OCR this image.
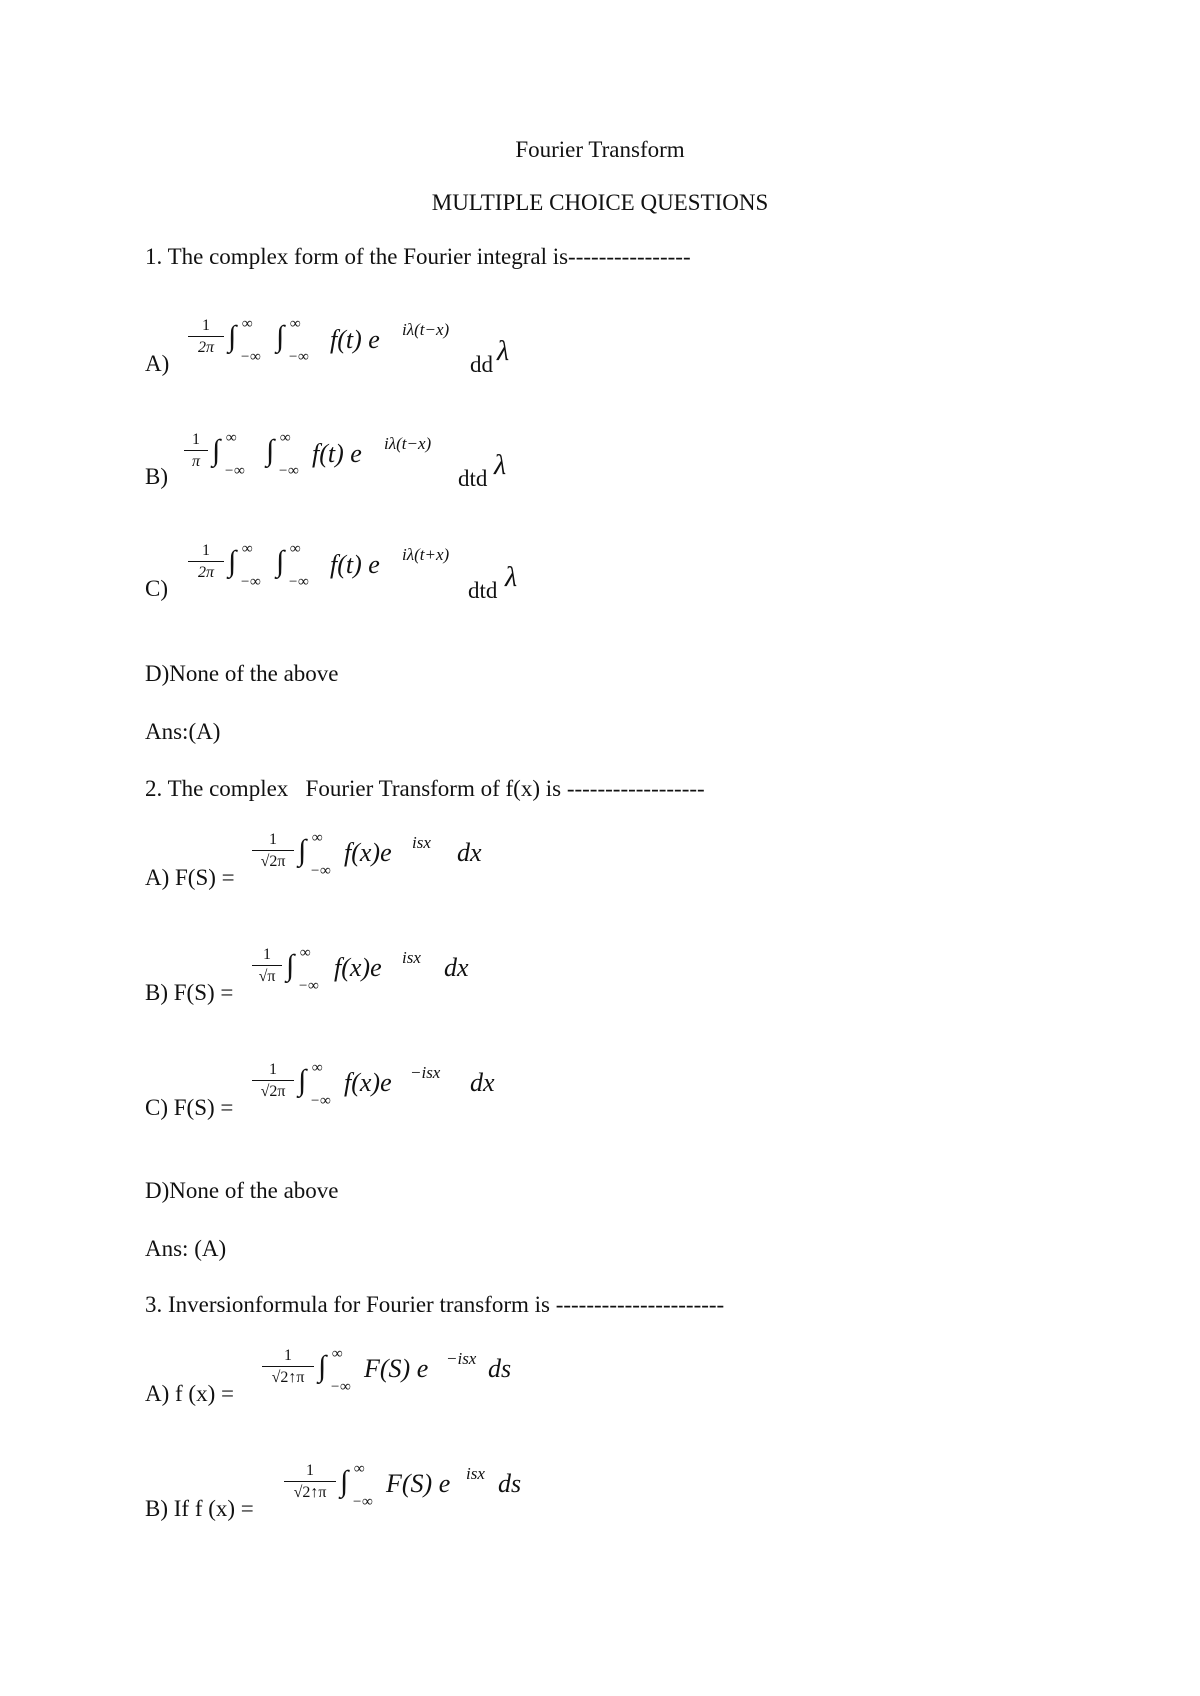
Fourier Transform
MULTIPLE CHOICE QUESTIONS
1. The complex form of the Fourier integral is----------------
A)
$\frac{1}{2\pi}$ ∫ ∞
−∞
∫ ∞
−∞
f(t) e iλ(t−x)
dd λ
B)
$\frac{1}{\pi}$ ∫ ∞
−∞
∫ ∞
−∞
f(t) e iλ(t−x)
dtd λ
C)
$\frac{1}{2\pi}$ ∫ ∞
−∞
∫ ∞
−∞
f(t) e iλ(t+x)
dtd λ
D)None of the above
Ans:(A)
2. The complex   Fourier Transform of f(x) is ------------------
A) F(S) =
$\frac{1}{√2\pi}$ ∫ ∞
−∞
f(x)e isx dx
B) F(S) =
$\frac{1}{√\pi}$ ∫ ∞
−∞
f(x)e isx dx
C) F(S) =
$\frac{1}{√2\pi}$ ∫ ∞
−∞
f(x)e −isx dx
D)None of the above
Ans: (A)
3. Inversionformula for Fourier transform is ----------------------
A) f (x) =
$\frac{1}{√2↑\pi}$ ∫ ∞
−∞
F(S) e −isx ds
B) If f (x) =
$\frac{1}{√2↑\pi}$ ∫ ∞
−∞
F(S) e isx ds
